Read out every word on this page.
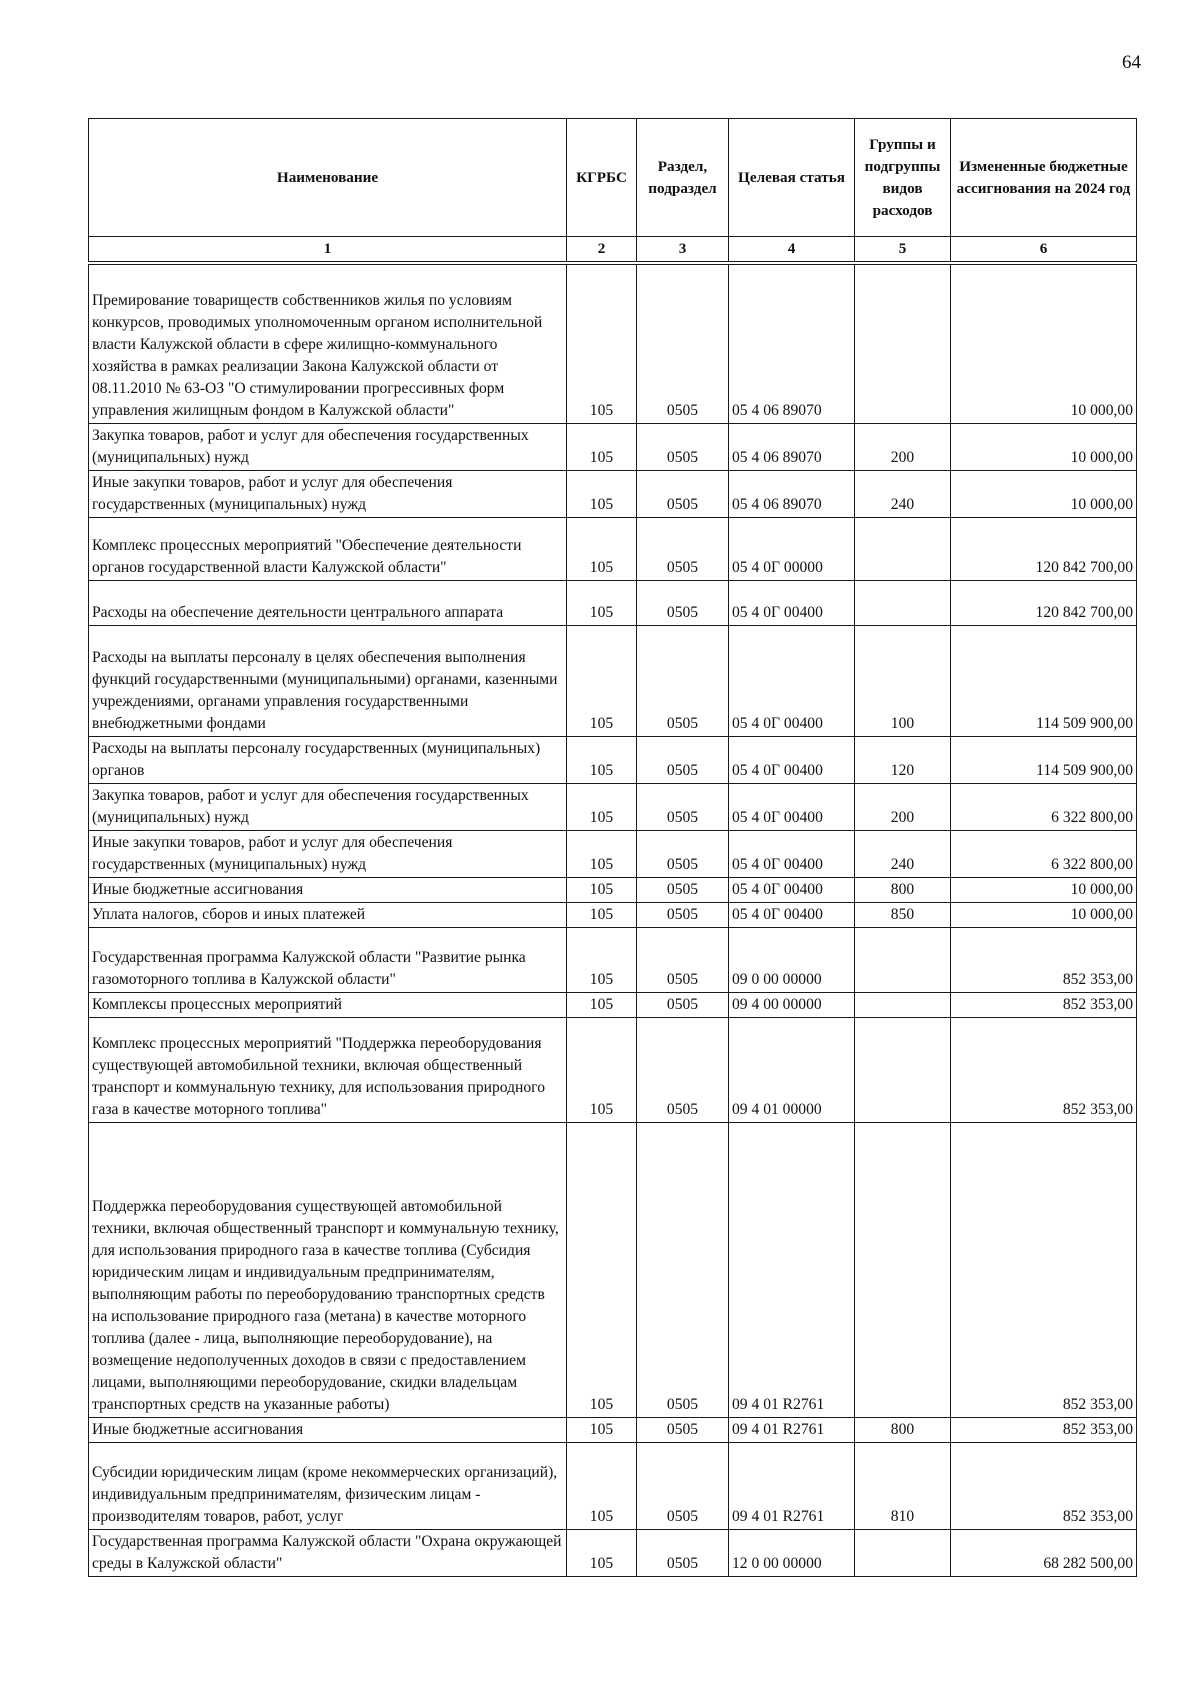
64
Наименование	КГРБС	Раздел, подраздел	Целевая статья	Группы и подгруппы видов расходов	Измененные бюджетные ассигнования на 2024 год
1	2	3	4	5	6
Премирование товариществ собственников жилья по условиям конкурсов, проводимых уполномоченным органом исполнительной власти Калужской области в сфере жилищно-коммунального хозяйства в рамках реализации Закона Калужской области от 08.11.2010 № 63-ОЗ "О стимулировании прогрессивных форм управления жилищным фондом в Калужской области"	105	0505	05 4 06 89070		10 000,00
Закупка товаров, работ и услуг для обеспечения государственных (муниципальных) нужд	105	0505	05 4 06 89070	200	10 000,00
Иные закупки товаров, работ и услуг для обеспечения государственных (муниципальных) нужд	105	0505	05 4 06 89070	240	10 000,00
Комплекс процессных мероприятий "Обеспечение деятельности органов государственной власти Калужской области"	105	0505	05 4 0Г 00000		120 842 700,00
Расходы на обеспечение деятельности центрального аппарата	105	0505	05 4 0Г 00400		120 842 700,00
Расходы на выплаты персоналу в целях обеспечения выполнения функций государственными (муниципальными) органами, казенными учреждениями, органами управления государственными внебюджетными фондами	105	0505	05 4 0Г 00400	100	114 509 900,00
Расходы на выплаты персоналу государственных (муниципальных) органов	105	0505	05 4 0Г 00400	120	114 509 900,00
Закупка товаров, работ и услуг для обеспечения государственных (муниципальных) нужд	105	0505	05 4 0Г 00400	200	6 322 800,00
Иные закупки товаров, работ и услуг для обеспечения государственных (муниципальных) нужд	105	0505	05 4 0Г 00400	240	6 322 800,00
Иные бюджетные ассигнования	105	0505	05 4 0Г 00400	800	10 000,00
Уплата налогов, сборов и иных платежей	105	0505	05 4 0Г 00400	850	10 000,00
Государственная программа Калужской области "Развитие рынка газомоторного топлива в Калужской области"	105	0505	09 0 00 00000		852 353,00
Комплексы процессных мероприятий	105	0505	09 4 00 00000		852 353,00
Комплекс процессных мероприятий "Поддержка переоборудования существующей автомобильной техники, включая общественный транспорт и коммунальную технику, для использования природного газа в качестве моторного топлива"	105	0505	09 4 01 00000		852 353,00
Поддержка переоборудования существующей автомобильной техники, включая общественный транспорт и коммунальную технику, для использования природного газа в качестве топлива (Субсидия юридическим лицам и индивидуальным предпринимателям, выполняющим работы по переоборудованию транспортных средств на использование природного газа (метана) в качестве моторного топлива (далее - лица, выполняющие переоборудование), на возмещение недополученных доходов в связи с предоставлением лицами, выполняющими переоборудование, скидки владельцам транспортных средств на указанные работы)	105	0505	09 4 01 R2761		852 353,00
Иные бюджетные ассигнования	105	0505	09 4 01 R2761	800	852 353,00
Субсидии юридическим лицам (кроме некоммерческих организаций), индивидуальным предпринимателям, физическим лицам - производителям товаров, работ, услуг	105	0505	09 4 01 R2761	810	852 353,00
Государственная программа Калужской области "Охрана окружающей среды в Калужской области"	105	0505	12 0 00 00000		68 282 500,00
